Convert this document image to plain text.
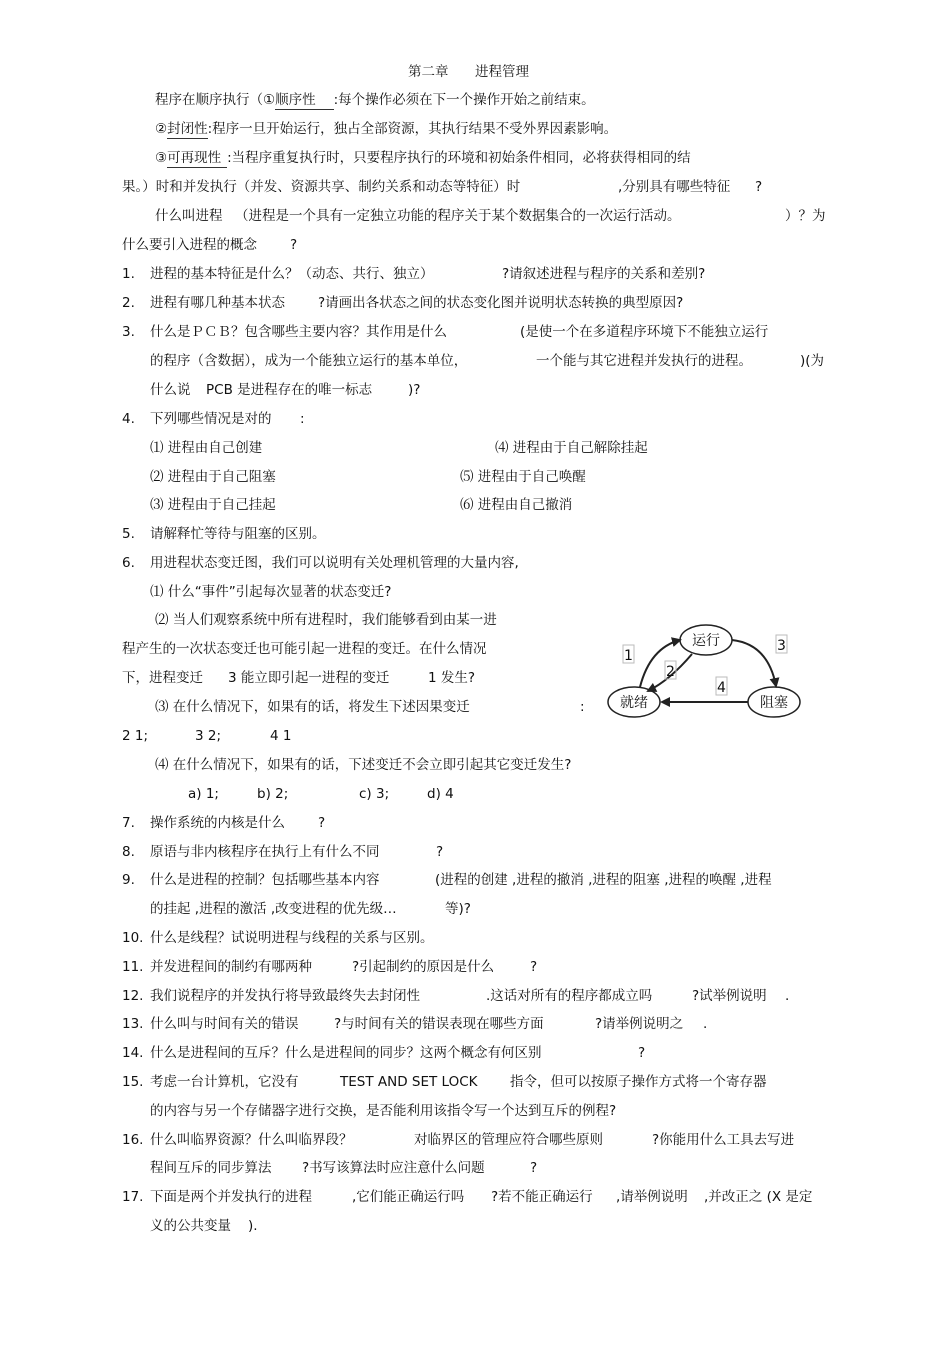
第二章 进程管理
程序在顺序执行（①顺序性 :每个操作必须在下一个操作开始之前结束。
②封闭性:程序一旦开始运行，独占全部资源，其执行结果不受外界因素影响。
③可再现性 :当程序重复执行时，只要程序执行的环境和初始条件相同，必将获得相同的结
果。）时和并发执行（并发、资源共享、制约关系和动态等特征）时	,分别具有哪些特征 ?
什么叫进程 （进程是一个具有一定独立功能的程序关于某个数据集合的一次运行活动。	）？为
什么要引入进程的概念 ?
1. 进程的基本特征是什么？（动态、共行、独立）	?请叙述进程与程序的关系和差别?
2. 进程有哪几种基本状态 ?请画出各状态之间的状态变化图并说明状态转换的典型原因?
3. 什么是ＰＣＢ？包含哪些主要内容？其作用是什么	(是使一个在多道程序环境下不能独立运行
的程序（含数据），成为一个能独立运行的基本单位，	一个能与其它进程并发执行的进程。	)(为
什么说 PCB 是进程存在的唯一标志	)?
4. 下列哪些情况是对的 :
⑴ 进程由自己创建	⑷ 进程由于自己解除挂起
⑵ 进程由于自己阻塞	⑸ 进程由于自己唤醒
⑶ 进程由于自己挂起	⑹ 进程由自己撤消
5. 请解释忙等待与阻塞的区别。
6. 用进程状态变迁图，我们可以说明有关处理机管理的大量内容,
⑴ 什么“事件”引起每次显著的状态变迁?
⑵ 当人们观察系统中所有进程时，我们能够看到由某一进
程产生的一次状态变迁也可能引起一进程的变迁。在什么情况
下，进程变迁 3 能立即引起一进程的变迁	1 发生?
⑶ 在什么情况下，如果有的话，将发生下述因果变迁	:
2 1;	3 2;	4 1
⑷ 在什么情况下，如果有的话，下述变迁不会立即引起其它变迁发生?
a) 1;	b) 2;	c) 3;	d) 4
7. 操作系统的内核是什么 ?
8. 原语与非内核程序在执行上有什么不同	?
9. 什么是进程的控制？包括哪些基本内容	(进程的创建 ,进程的撤消 ,进程的阻塞 ,进程的唤醒 ,进程
的挂起 ,进程的激活 ,改变进程的优先级…	等)?
10. 什么是线程？试说明进程与线程的关系与区别。
11. 并发进程间的制约有哪两种	?引起制约的原因是什么	?
12. 我们说程序的并发执行将导致最终失去封闭性	.这话对所有的程序都成立吗	?试举例说明 .
13. 什么叫与时间有关的错误	?与时间有关的错误表现在哪些方面	?请举例说明之 .
14. 什么是进程间的互斥？什么是进程间的同步？这两个概念有何区别	?
15. 考虑一台计算机，它没有	TEST AND SET LOCK 指令，但可以按原子操作方式将一个寄存器
的内容与另一个存储器字进行交换，是否能利用该指令写一个达到互斥的例程?
16. 什么叫临界资源？什么叫临界段？	对临界区的管理应符合哪些原则	?你能用什么工具去写进
程间互斥的同步算法 ?书写该算法时应注意什么问题	?
17. 下面是两个并发执行的进程	,它们能正确运行吗 ?若不能正确运行 ,请举例说明 ,并改正之 (X 是定
义的公共变量 ).
运行
就绪	阻塞
1
2
3
4
